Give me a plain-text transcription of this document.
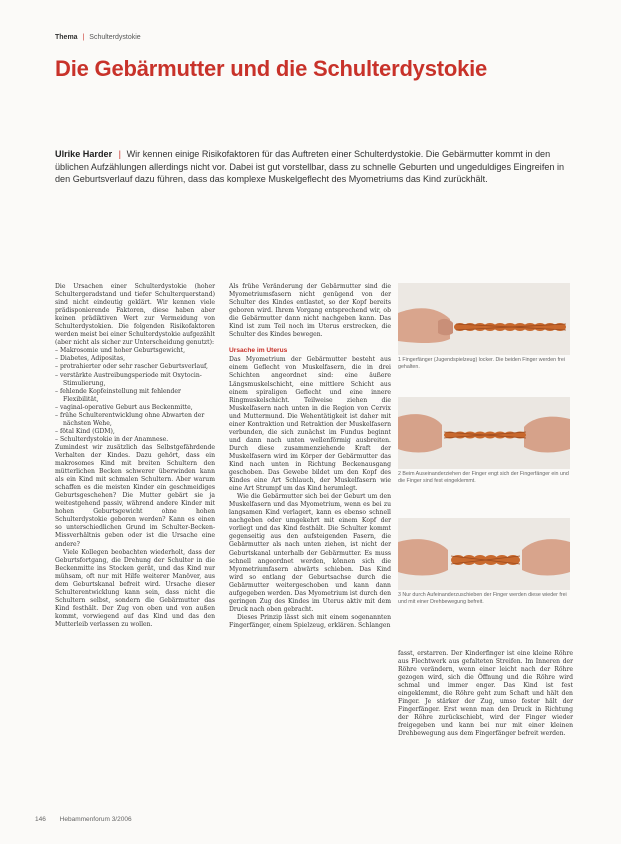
Thema | Schulterdystokie
Die Gebärmutter und die Schulterdystokie
Ulrike Harder | Wir kennen einige Risikofaktoren für das Auftreten einer Schulterdystokie. Die Gebärmutter kommt in den üblichen Aufzählungen allerdings nicht vor. Dabei ist gut vorstellbar, dass zu schnelle Geburten und ungeduldiges Eingreifen in den Geburtsverlauf dazu führen, dass das komplexe Muskelgeflecht des Myometriums das Kind zurückhält.

Die Ursachen einer Schulterdystokie (hoher Schultergeradstand und tiefer Schulterquerstand) sind nicht eindeutig geklärt. Wir kennen viele prädisponierende Faktoren, diese haben aber keinen prädiktiven Wert zur Vermeidung von Schulterdystokien. Die folgenden Risikofaktoren werden meist bei einer Schulterdystokie aufgezählt (aber nicht als sicher zur Unterscheidung genutzt):

– Makrosomie und hoher Geburtsgewicht,
– Diabetes, Adipositas,
– protrahierter oder sehr rascher Geburtsverlauf,
– verstärkte Austreibungsperiode mit Oxytocin-Stimulierung,
– fehlende Kopfeinstellung mit fehlender Flexibilität,
– vaginal-operative Geburt aus Beckenmitte,
– frühe Schulterentwicklung ohne Abwarten der nächsten Wehe,
– fötal Kind (GDM),
– Schulterdystokie in der Anamnese.

Zumindest wir zusätzlich das Selbstgefährdende Verhalten der Kindes. Dazu gehört, dass ein makrosomes Kind mit breiten Schultern den mütterlichen Becken schwerer überwinden kann als ein Kind mit schmalen Schultern. Aber warum schaffen es die meisten Kinder ein geschmeidiges Geburtsgeschehen? Die Mutter gebärt sie ja weitestgehend passiv, während andere Kinder mit hohen Geburtsgewicht ohne hohen Schulterdystokie geboren werden? Kann es einen so unterschiedlichen Grund im Schulter-Becken-Missverhältnis geben oder ist die Ursache eine andere?

Viele Kollegen beobachten wiederholt, dass der Geburtsfortgang, die Drehung der Schulter in die Beckenmitte ins Stocken gerät, und das Kind nur mühsam, oft nur mit Hilfe weiterer Manöver, aus dem Geburtskanal befreit wird. Ursache dieser Schulterentwicklung kann sein, dass nicht die Schultern selbst, sondern die Gebärmutter das Kind festhält. Der Zug von oben und von außen kommt, vorwiegend auf das Kind und das den Mutterleib verlassen zu wollen.

Als frühe Veränderung der Gebärmutter sind die Myometriumsfasern nicht genügend von der Schulter des Kindes entlastet, so der Kopf bereits geboren wird. Ihrem Vorgang entsprechend wir, ob die Gebärmutter dann nicht nachgeben kann. Das Kind ist zum Teil noch im Uterus erstrecken, die Schulter des Kindes bewegen.

Ursache im Uterus

Das Myometrium der Gebärmutter besteht aus einem Geflecht von Muskelfasern, die in drei Schichten angeordnet sind: eine äußere Längsmuskelschicht, eine mittlere Schicht aus einem spiraligen Geflecht und eine innere Ringmuskelschicht. Teilweise ziehen die Muskelfasern nach unten in die Region von Cervix und Muttermund. Die Wehentätigkeit ist daher mit einer Kontraktion und Retraktion der Muskelfasern verbunden, die sich zunächst im Fundus beginnt und dann nach unten wellenförmig ausbreiten. Durch diese zusammenziehende Kraft der Muskelfasern wird im Körper der Gebärmutter das Kind nach unten in Richtung Beckenausgang geschoben. Das Gewebe bildet um den Kopf des Kindes eine Art Schlauch, der Muskelfasern wie eine Art Strumpf um das Kind herumlegt.

Wie die Gebärmutter sich bei der Geburt um den Muskelfasern und das Myometrium, wenn es bei zu langsamen Kind verlagert, kann es ebenso schnell nachgeben oder umgekehrt mit einem Kopf der vorliegt und das Kind festhält. Die Schulter kommt gegenseitig aus den aufsteigenden Fasern, die Gebärmutter als nach unten ziehen, ist nicht der Geburtskanal unterhalb der Gebärmutter. Es muss schnell angeordnet werden, können sich die Myometriumfasern abwärts schieben. Das Kind wird so entlang der Geburtsachse durch die Gebärmutter weitergeschoben und kann dann aufgegeben werden. Das Myometrium ist durch den geringen Zug des Kindes im Uterus aktiv mit dem Druck nach oben gebracht.

Dieses Prinzip lässt sich mit einem sogenannten Fingerfänger, einem Spielzeug, erklären. Schlangen

1 Fingerfänger (Jugendspielzeug) locker. Die beiden Finger werden frei gehalten.
2 Beim Auseinanderziehen der Finger engt sich der Fingerfänger ein und die Finger sind fest eingeklemmt.
3 Nur durch Aufeinanderzuschieben der Finger werden diese wieder frei und mit einer Drehbewegung befreit.

fasst, erstarren. Der Kinderfinger ist eine kleine Röhre aus Flechtwerk aus gefalteten Streifen. Im Inneren der Röhre verändern, wenn einer leicht nach der Röhre gezogen wird, sich die Öffnung und die Röhre wird schmal und immer enger. Das Kind ist fest eingeklemmt, die Röhre geht zum Schaft und hält den Finger. Je stärker der Zug, umso fester hält der Fingerfänger. Erst wenn man den Druck in Richtung der Röhre zurückschiebt, wird der Finger wieder freigegeben und kann bei nur mit einer kleinen Drehbewegung aus dem Fingerfänger befreit werden.

146 Hebammenforum 3/2006
